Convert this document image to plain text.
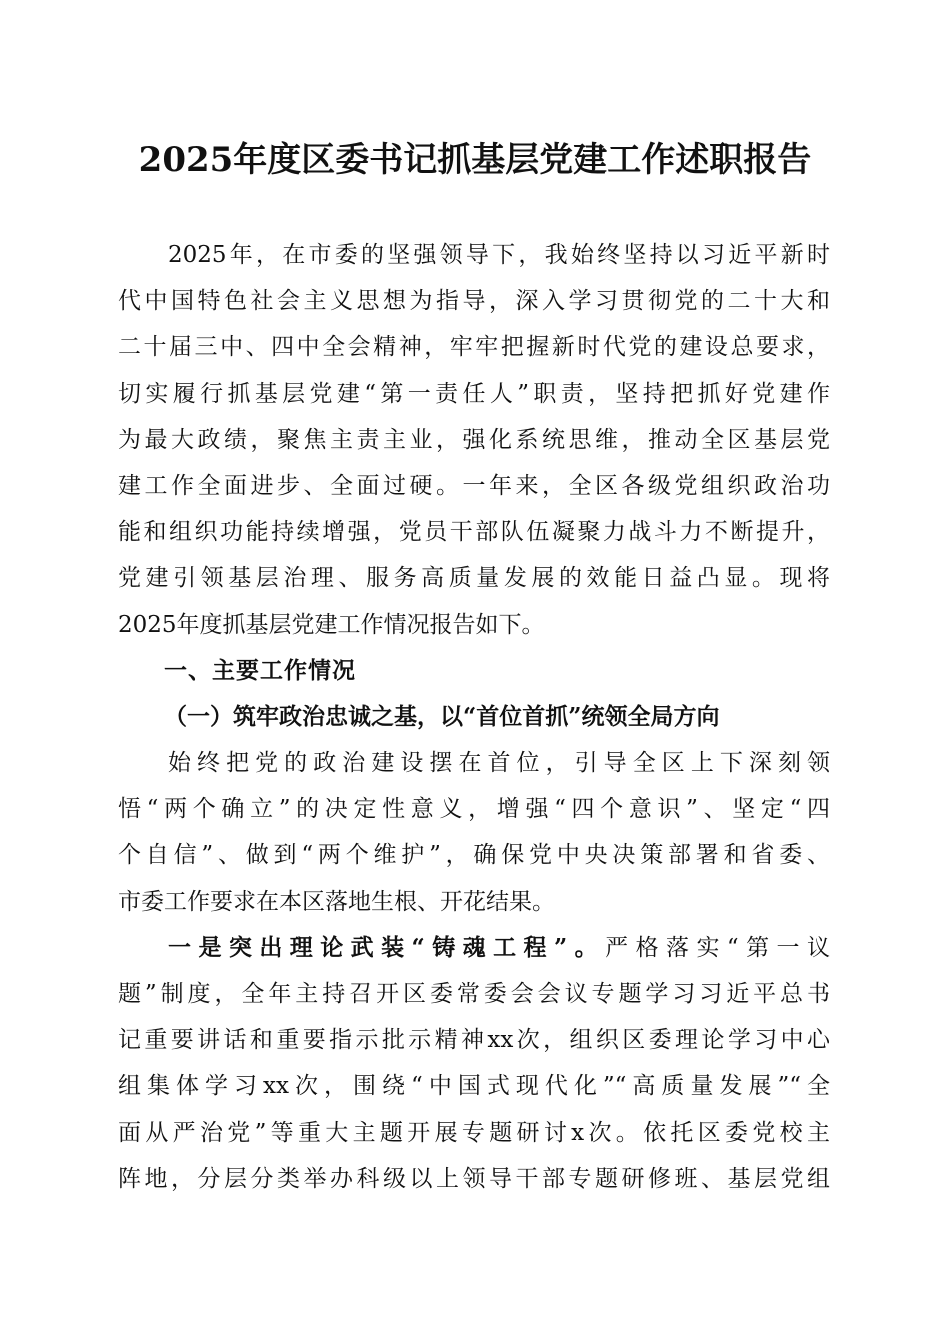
2025年度区委书记抓基层党建工作述职报告
2025年，在市委的坚强领导下，我始终坚持以习近平新时
代中国特色社会主义思想为指导，深入学习贯彻党的二十大和
二十届三中、四中全会精神，牢牢把握新时代党的建设总要求，
切实履行抓基层党建“第一责任人”职责，坚持把抓好党建作
为最大政绩，聚焦主责主业，强化系统思维，推动全区基层党
建工作全面进步、全面过硬。一年来，全区各级党组织政治功
能和组织功能持续增强，党员干部队伍凝聚力战斗力不断提升，
党建引领基层治理、服务高质量发展的效能日益凸显。现将
2025年度抓基层党建工作情况报告如下。
一、主要工作情况
（一）筑牢政治忠诚之基，以“首位首抓”统领全局方向
始终把党的政治建设摆在首位，引导全区上下深刻领
悟“两个确立”的决定性意义，增强“四个意识”、坚定“四
个自信”、做到“两个维护”，确保党中央决策部署和省委、
市委工作要求在本区落地生根、开花结果。
一是突出理论武装“铸魂工程”。严格落实“第一议
题”制度，全年主持召开区委常委会会议专题学习习近平总书
记重要讲话和重要指示批示精神xx次，组织区委理论学习中心
组集体学习xx次，围绕“中国式现代化”“高质量发展”“全
面从严治党”等重大主题开展专题研讨x次。依托区委党校主
阵地，分层分类举办科级以上领导干部专题研修班、基层党组
